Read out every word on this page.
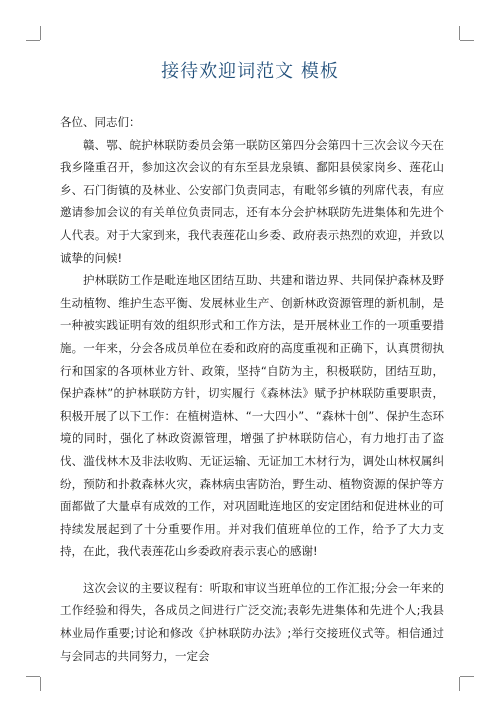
接待欢迎词范文 模板

各位、同志们：

赣、鄂、皖护林联防委员会第一联防区第四分会第四十三次会议今天在我乡隆重召开，参加这次会议的有东至县龙泉镇、鄱阳县侯家岗乡、莲花山乡、石门街镇的及林业、公安部门负责同志，有毗邻乡镇的列席代表，有应邀请参加会议的有关单位负责同志，还有本分会护林联防先进集体和先进个人代表。对于大家到来，我代表莲花山乡委、政府表示热烈的欢迎，并致以诚挚的问候!

护林联防工作是毗连地区团结互助、共建和谐边界、共同保护森林及野生动植物、维护生态平衡、发展林业生产、创新林政资源管理的新机制，是一种被实践证明有效的组织形式和工作方法，是开展林业工作的一项重要措施。一年来，分会各成员单位在委和政府的高度重视和正确下，认真贯彻执行和国家的各项林业方针、政策，坚持“自防为主，积极联防，团结互助，保护森林”的护林联防方针，切实履行《森林法》赋予护林联防重要职责，积极开展了以下工作：在植树造林、“一大四小”、“森林十创”、保护生态环境的同时，强化了林政资源管理，增强了护林联防信心，有力地打击了盗伐、滥伐林木及非法收购、无证运输、无证加工木材行为，调处山林权属纠纷，预防和扑救森林火灾，森林病虫害防治，野生动、植物资源的保护等方面都做了大量卓有成效的工作，对巩固毗连地区的安定团结和促进林业的可持续发展起到了十分重要作用。并对我们值班单位的工作，给予了大力支持，在此，我代表莲花山乡委政府表示衷心的感谢!

这次会议的主要议程有：听取和审议当班单位的工作汇报;分会一年来的工作经验和得失，各成员之间进行广泛交流;表彰先进集体和先进个人;我县林业局作重要;讨论和修改《护林联防办法》;举行交接班仪式等。相信通过与会同志的共同努力，一定会
